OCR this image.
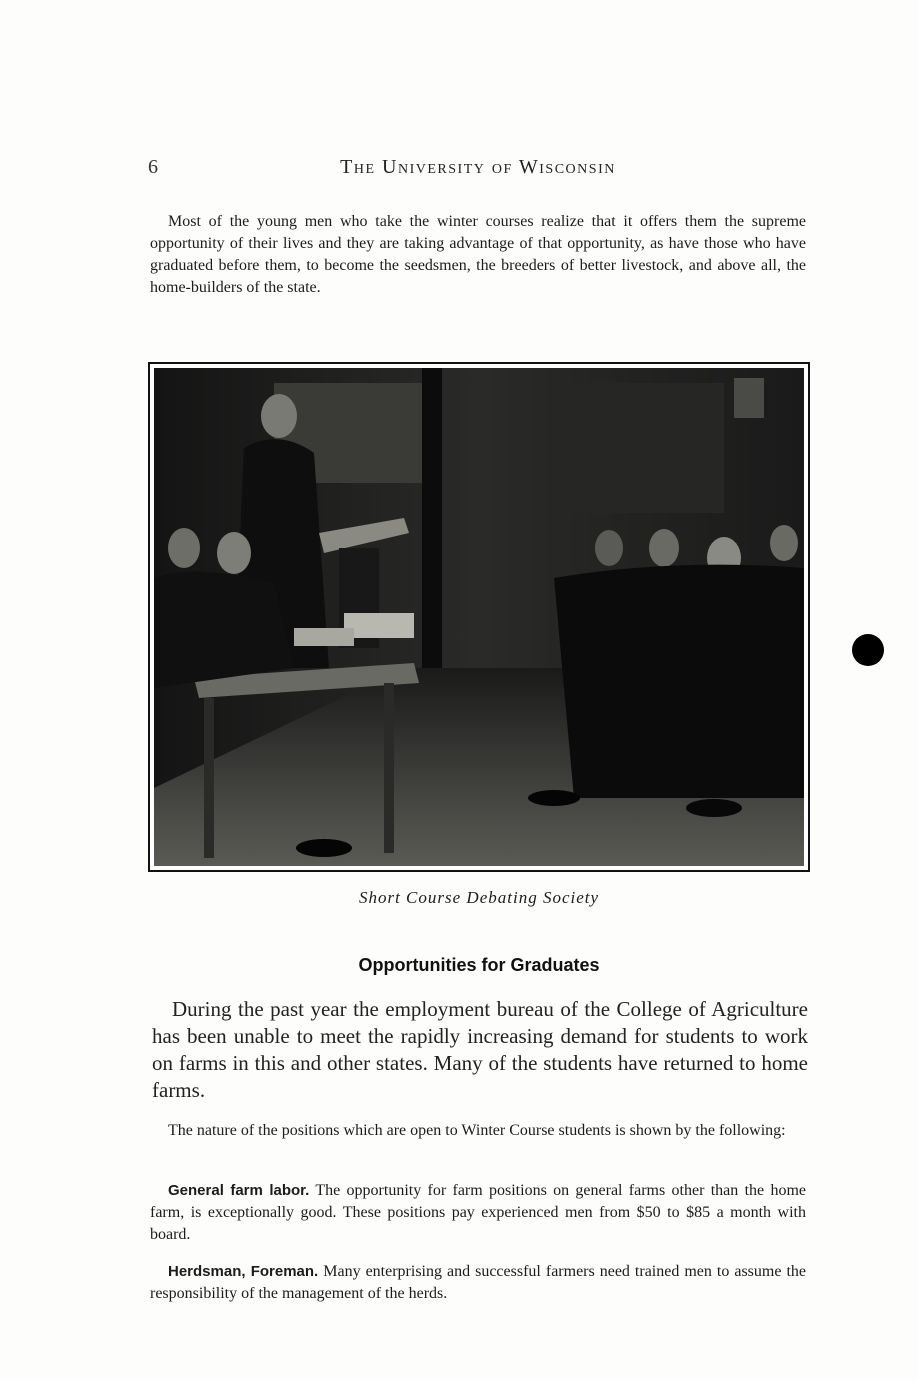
6	The University of Wisconsin

Most of the young men who take the winter courses realize that it offers them the supreme opportunity of their lives and they are taking advantage of that opportunity, as have those who have graduated before them, to become the seedsmen, the breeders of better livestock, and above all, the home-builders of the state.

Short Course Debating Society
Opportunities for Graduates

During the past year the employment bureau of the College of Agriculture has been unable to meet the rapidly increasing demand for students to work on farms in this and other states. Many of the students have returned to home farms.

The nature of the positions which are open to Winter Course students is shown by the following:

General farm labor. The opportunity for farm positions on general farms other than the home farm, is exceptionally good. These positions pay experienced men from $50 to $85 a month with board.

Herdsman, Foreman. Many enterprising and successful farmers need trained men to assume the responsibility of the management of the herds.
